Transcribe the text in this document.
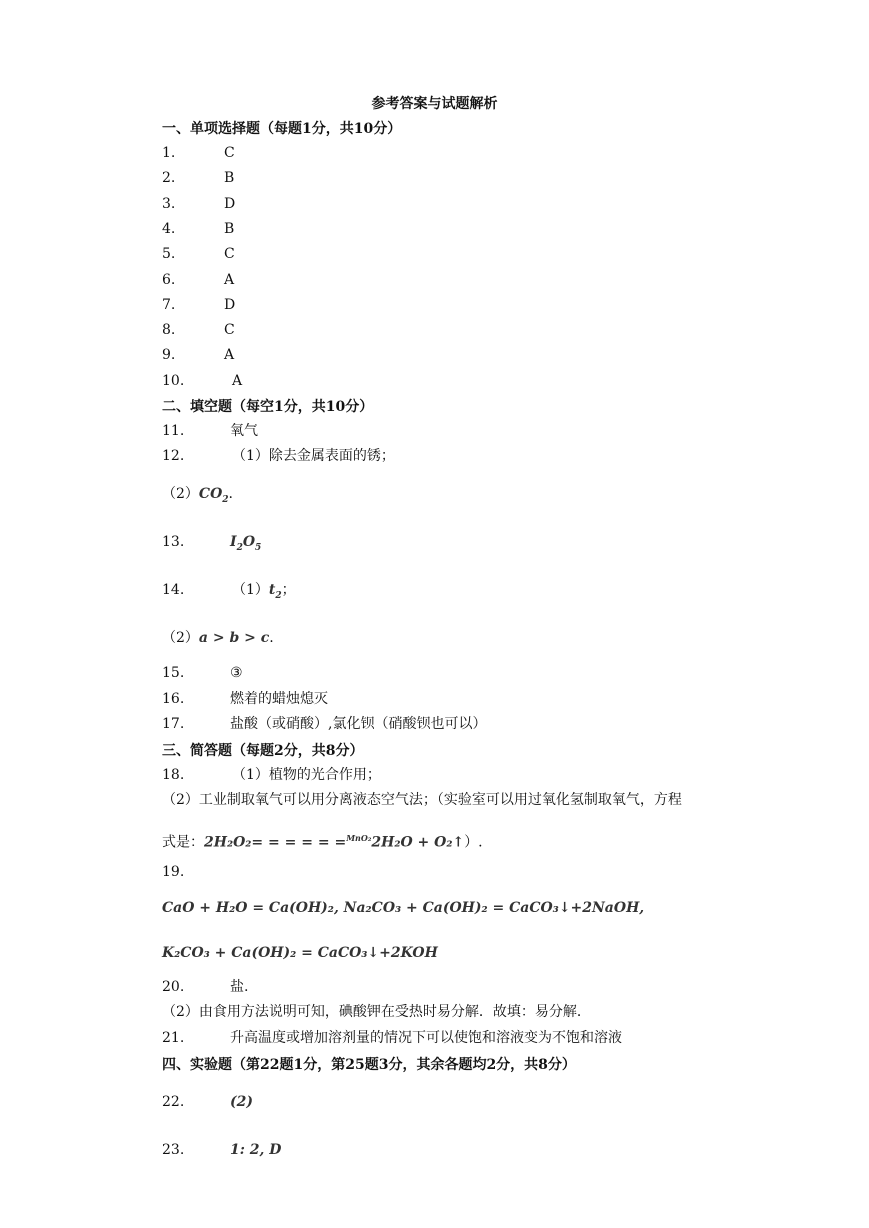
参考答案与试题解析
一、单项选择题（每题1分，共10分）
1.	C
2.	B
3.	D
4.	B
5.	C
6.	A
7.	D
8.	C
9.	A
10.	A
二、填空题（每空1分，共10分）
11.	氧气
12.	（1）除去金属表面的锈；
$(2)CO_2$.
13.	$I_2O_5$
14.	$(1)t_2$；
（2）a > b > c.
15.	③
16.	燃着的蜡烛熄灭
17.	盐酸（或硝酸）,氯化钡（硝酸钡也可以）
三、简答题（每题2分，共8分）
18.	（1）植物的光合作用；
（2）工业制取氧气可以用分离液态空气法；（实验室可以用过氧化氢制取氧气，方程
式是：2H₂O₂= = = = = =$^{MnO_2}$2H₂O + O₂↑）.
19.
CaO + H₂O = Ca(OH)₂, Na₂CO₃ + Ca(OH)₂ = CaCO₃↓+2NaOH,
K₂CO₃ + Ca(OH)₂ = CaCO₃↓+2KOH
20.	盐.
（2）由食用方法说明可知，碘酸钾在受热时易分解．故填：易分解．
21.	升高温度或增加溶剂量的情况下可以使饱和溶液变为不饱和溶液
四、实验题（第22题1分，第25题3分，其余各题均2分，共8分）
22.	(2)
23.	1: 2, D
